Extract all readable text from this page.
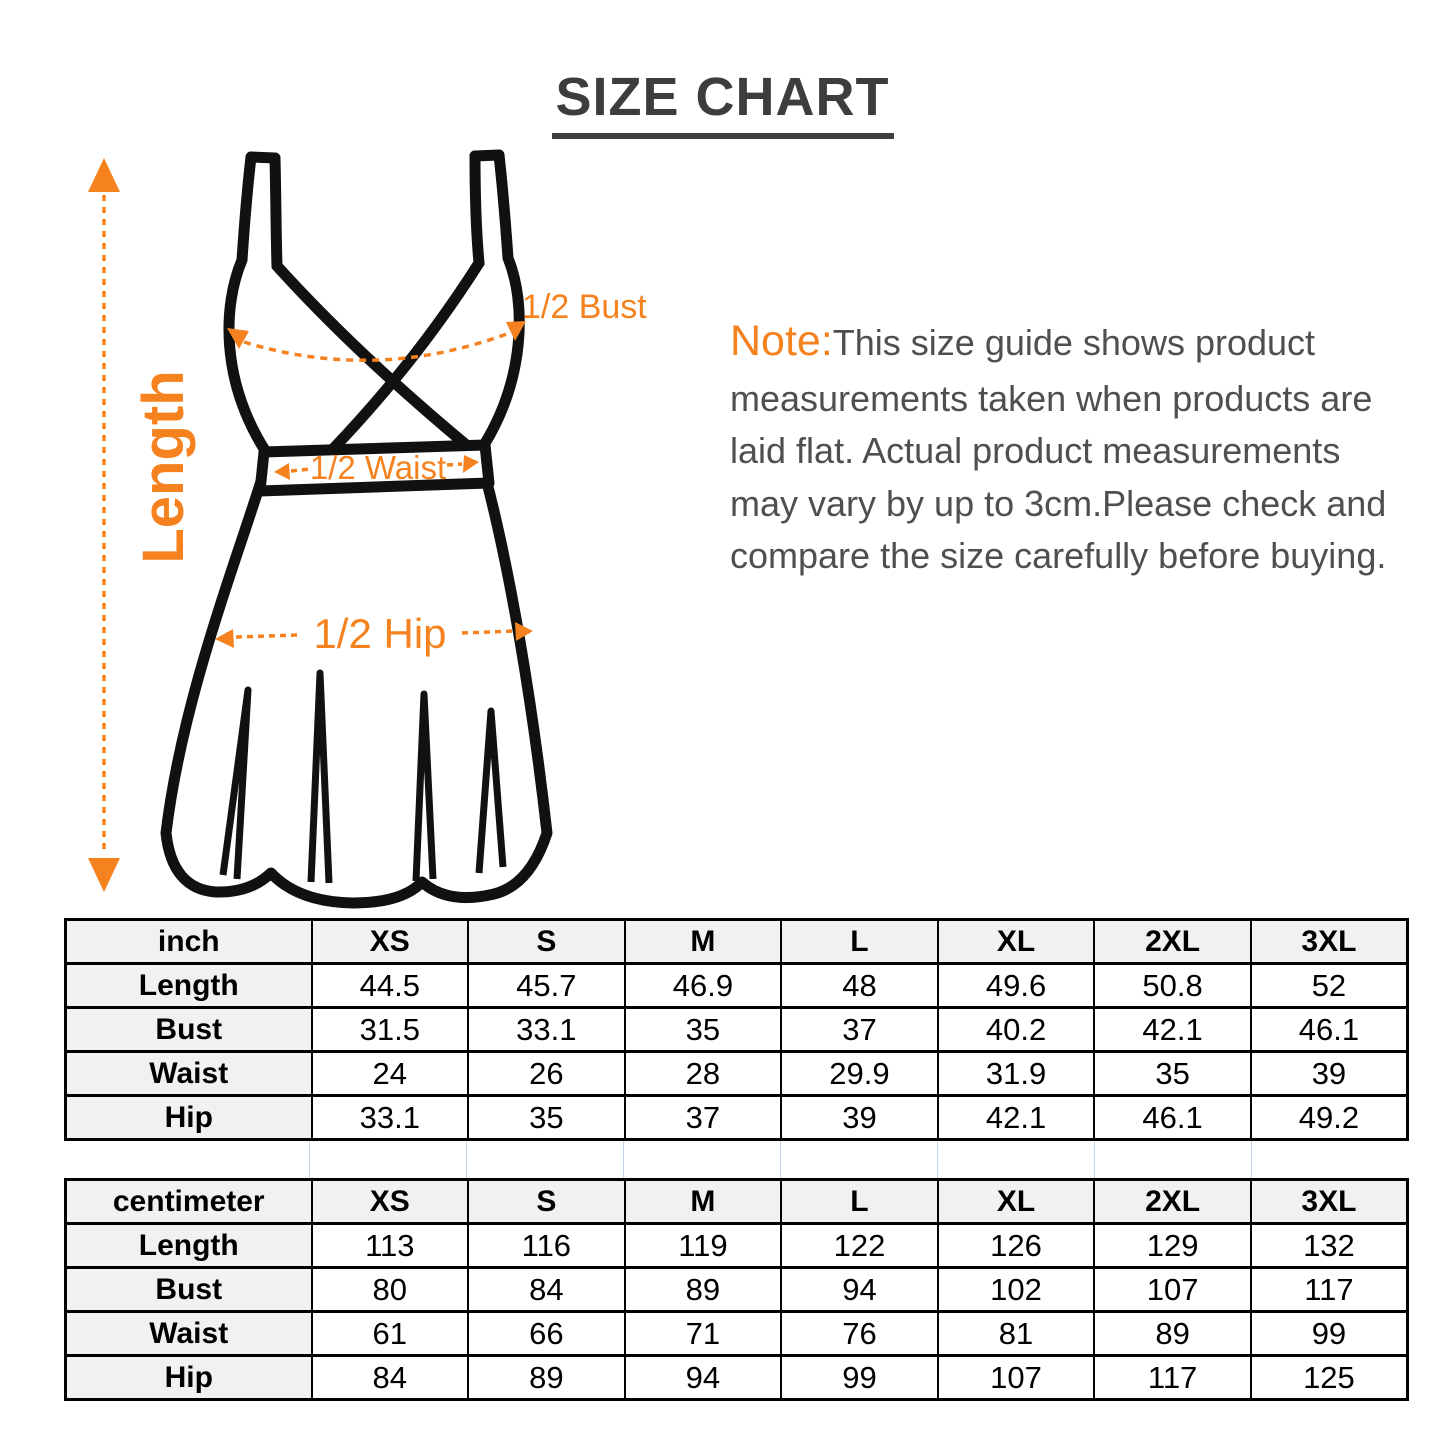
SIZE CHART
Length
1/2 Bust
1/2 Waist
1/2 Hip

Note:This size guide shows product measurements taken when products are laid flat. Actual product measurements may vary by up to 3cm.Please check and compare the size carefully before buying.

inch	XS	S	M	L	XL	2XL	3XL
Length	44.5	45.7	46.9	48	49.6	50.8	52
Bust	31.5	33.1	35	37	40.2	42.1	46.1
Waist	24	26	28	29.9	31.9	35	39
Hip	33.1	35	37	39	42.1	46.1	49.2
centimeter	XS	S	M	L	XL	2XL	3XL
Length	113	116	119	122	126	129	132
Bust	80	84	89	94	102	107	117
Waist	61	66	71	76	81	89	99
Hip	84	89	94	99	107	117	125
